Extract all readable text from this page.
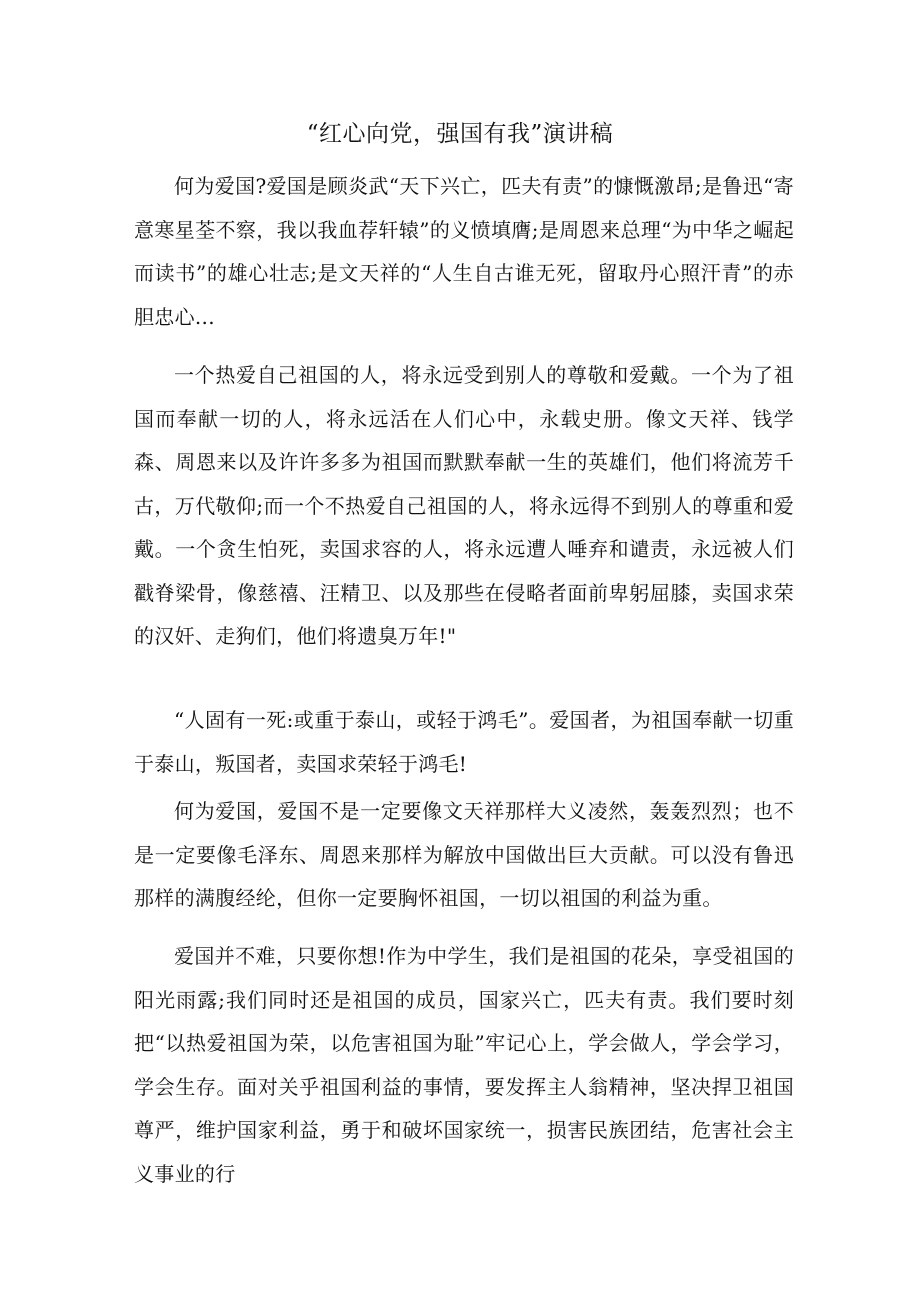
“红心向党，强国有我”演讲稿

何为爱国?爱国是顾炎武“天下兴亡，匹夫有责”的慷慨激昂;是鲁迅“寄意寒星荃不察，我以我血荐轩辕”的义愤填膺;是周恩来总理“为中华之崛起而读书”的雄心壮志;是文天祥的“人生自古谁无死，留取丹心照汗青”的赤胆忠心...

一个热爱自己祖国的人，将永远受到别人的尊敬和爱戴。一个为了祖国而奉献一切的人，将永远活在人们心中，永载史册。像文天祥、钱学森、周恩来以及许许多多为祖国而默默奉献一生的英雄们，他们将流芳千古，万代敬仰;而一个不热爱自己祖国的人，将永远得不到别人的尊重和爱戴。一个贪生怕死，卖国求容的人，将永远遭人唾弃和谴责，永远被人们戳脊梁骨，像慈禧、汪精卫、以及那些在侵略者面前卑躬屈膝，卖国求荣的汉奸、走狗们，他们将遗臭万年!"

“人固有一死:或重于泰山，或轻于鸿毛”。爱国者，为祖国奉献一切重于泰山，叛国者，卖国求荣轻于鸿毛!

何为爱国，爱国不是一定要像文天祥那样大义凌然，轰轰烈烈；也不是一定要像毛泽东、周恩来那样为解放中国做出巨大贡献。可以没有鲁迅那样的满腹经纶，但你一定要胸怀祖国，一切以祖国的利益为重。

爱国并不难，只要你想!作为中学生，我们是祖国的花朵，享受祖国的阳光雨露;我们同时还是祖国的成员，国家兴亡，匹夫有责。我们要时刻把“以热爱祖国为荣，以危害祖国为耻”牢记心上，学会做人，学会学习，学会生存。面对关乎祖国利益的事情，要发挥主人翁精神，坚决捍卫祖国尊严，维护国家利益，勇于和破坏国家统一，损害民族团结，危害社会主义事业的行
